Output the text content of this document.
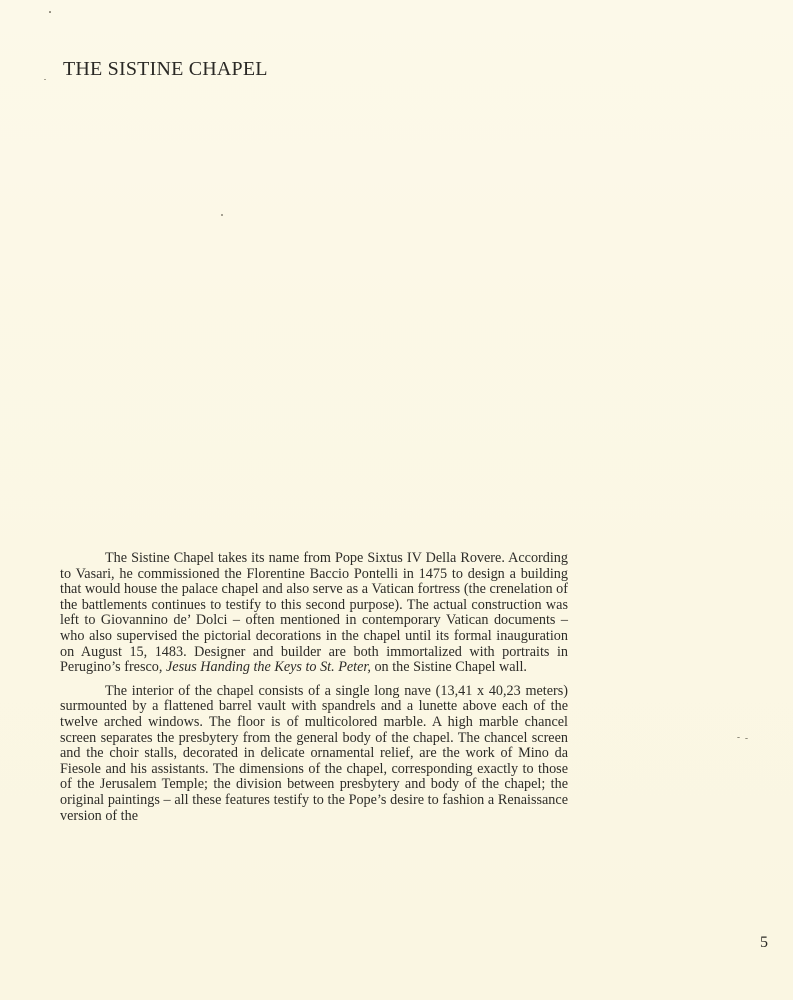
THE SISTINE CHAPEL

The Sistine Chapel takes its name from Pope Sixtus IV Della Rovere. According to Vasari, he commissioned the Florentine Baccio Pontelli in 1475 to design a building that would house the palace chapel and also serve as a Vatican fortress (the crenelation of the battlements continues to testify to this second purpose). The actual construction was left to Giovannino de’ Dolci – often mentioned in contemporary Vatican documents – who also supervised the pictorial decorations in the chapel until its formal inauguration on August 15, 1483. Designer and builder are both immortalized with portraits in Perugino’s fresco, Jesus Handing the Keys to St. Peter, on the Sistine Chapel wall.

The interior of the chapel consists of a single long nave (13,41 x 40,23 meters) surmounted by a flattened barrel vault with spandrels and a lunette above each of the twelve arched windows. The floor is of multicolored marble. A high marble chancel screen separates the presbytery from the general body of the chapel. The chancel screen and the choir stalls, decorated in delicate ornamental relief, are the work of Mino da Fiesole and his assistants. The dimensions of the chapel, corresponding exactly to those of the Jerusalem Temple; the division between presbytery and body of the chapel; the original paintings – all these features testify to the Pope’s desire to fashion a Renaissance version of the

5
